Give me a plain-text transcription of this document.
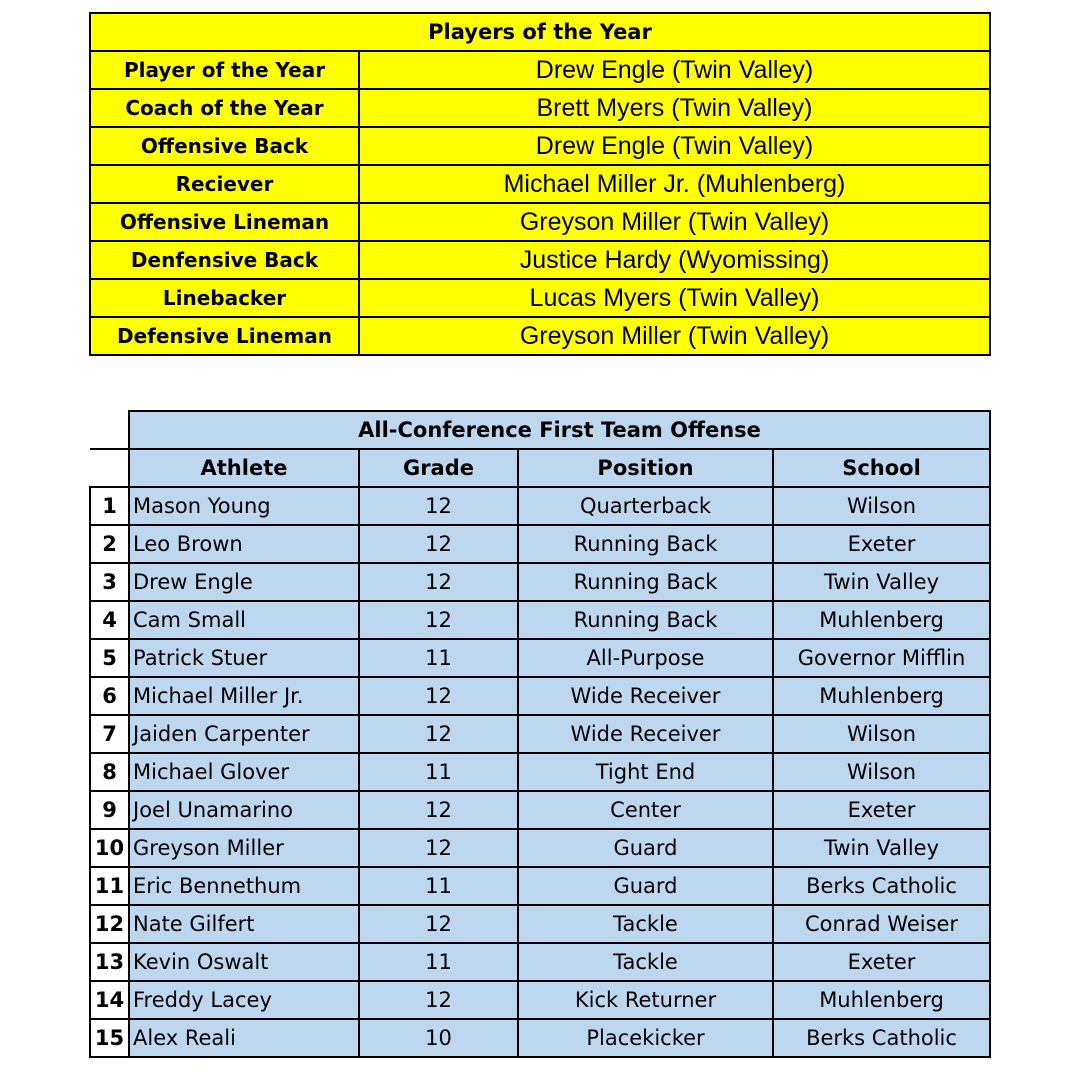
Players of the Year	
Player of the Year	Drew Engle (Twin Valley)
Coach of the Year	Brett Myers (Twin Valley)
Offensive Back	Drew Engle (Twin Valley)
Reciever	Michael Miller Jr. (Muhlenberg)
Offensive Lineman	Greyson Miller (Twin Valley)
Denfensive Back	Justice Hardy (Wyomissing)
Linebacker	Lucas Myers (Twin Valley)
Defensive Lineman	Greyson Miller (Twin Valley)
	All-Conference First Team Offense			
	Athlete	Grade	Position	School
1	Mason Young	12	Quarterback	Wilson
2	Leo Brown	12	Running Back	Exeter
3	Drew Engle	12	Running Back	Twin Valley
4	Cam Small	12	Running Back	Muhlenberg
5	Patrick Stuer	11	All-Purpose	Governor Mifflin
6	Michael Miller Jr.	12	Wide Receiver	Muhlenberg
7	Jaiden Carpenter	12	Wide Receiver	Wilson
8	Michael Glover	11	Tight End	Wilson
9	Joel Unamarino	12	Center	Exeter
10	Greyson Miller	12	Guard	Twin Valley
11	Eric Bennethum	11	Guard	Berks Catholic
12	Nate Gilfert	12	Tackle	Conrad Weiser
13	Kevin Oswalt	11	Tackle	Exeter
14	Freddy Lacey	12	Kick Returner	Muhlenberg
15	Alex Reali	10	Placekicker	Berks Catholic
